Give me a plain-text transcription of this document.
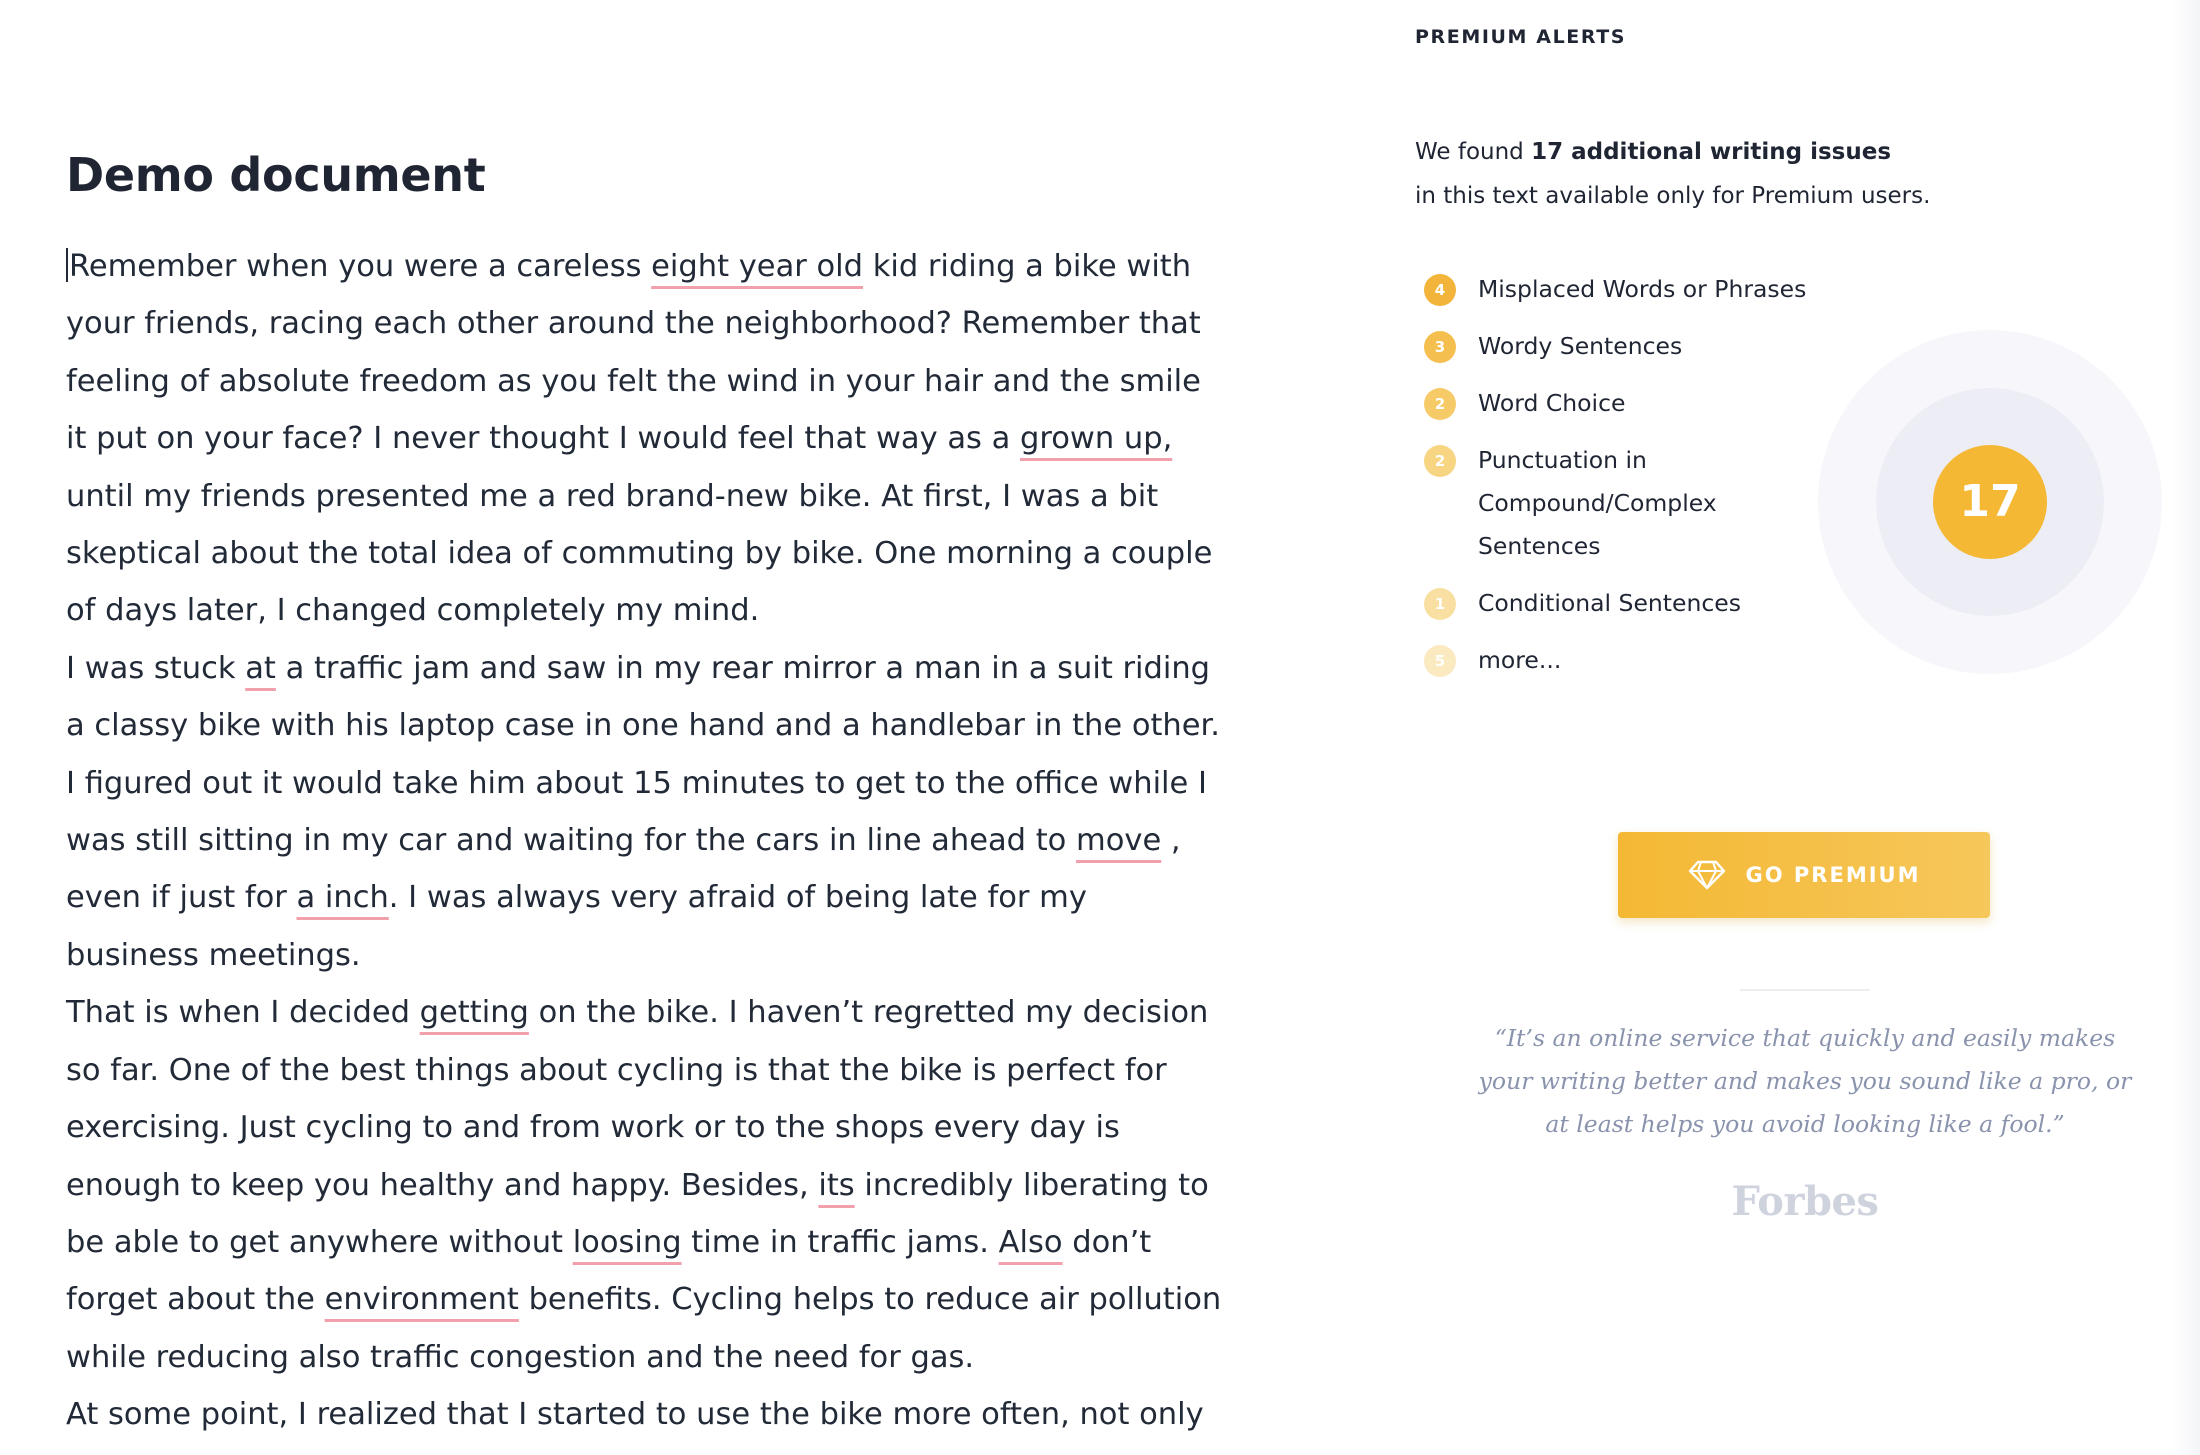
Demo document

Remember when you were a careless eight year old kid riding a bike with your friends, racing each other around the neighborhood? Remember that feeling of absolute freedom as you felt the wind in your hair and the smile it put on your face? I never thought I would feel that way as a grown up, until my friends presented me a red brand-new bike. At first, I was a bit skeptical about the total idea of commuting by bike. One morning a couple of days later, I changed completely my mind.

I was stuck at a traffic jam and saw in my rear mirror a man in a suit riding a classy bike with his laptop case in one hand and a handlebar in the other. I figured out it would take him about 15 minutes to get to the office while I was still sitting in my car and waiting for the cars in line ahead to move , even if just for a inch. I was always very afraid of being late for my business meetings.

That is when I decided getting on the bike. I haven’t regretted my decision so far. One of the best things about cycling is that the bike is perfect for exercising. Just cycling to and from work or to the shops every day is enough to keep you healthy and happy. Besides, its incredibly liberating to be able to get anywhere without loosing time in traffic jams. Also don’t forget about the environment benefits. Cycling helps to reduce air pollution while reducing also traffic congestion and the need for gas.

At some point, I realized that I started to use the bike more often, not only

PREMIUM ALERTS
We found 17 additional writing issues
in this text available only for Premium users.
4	Misplaced Words or Phrases
3	Wordy Sentences
2	Word Choice
2	Punctuation in Compound/Complex Sentences
1	Conditional Sentences
5	more...
17
GO PREMIUM

“It’s an online service that quickly and easily makes your writing better and makes you sound like a pro, or at least helps you avoid looking like a fool.”

Forbes
